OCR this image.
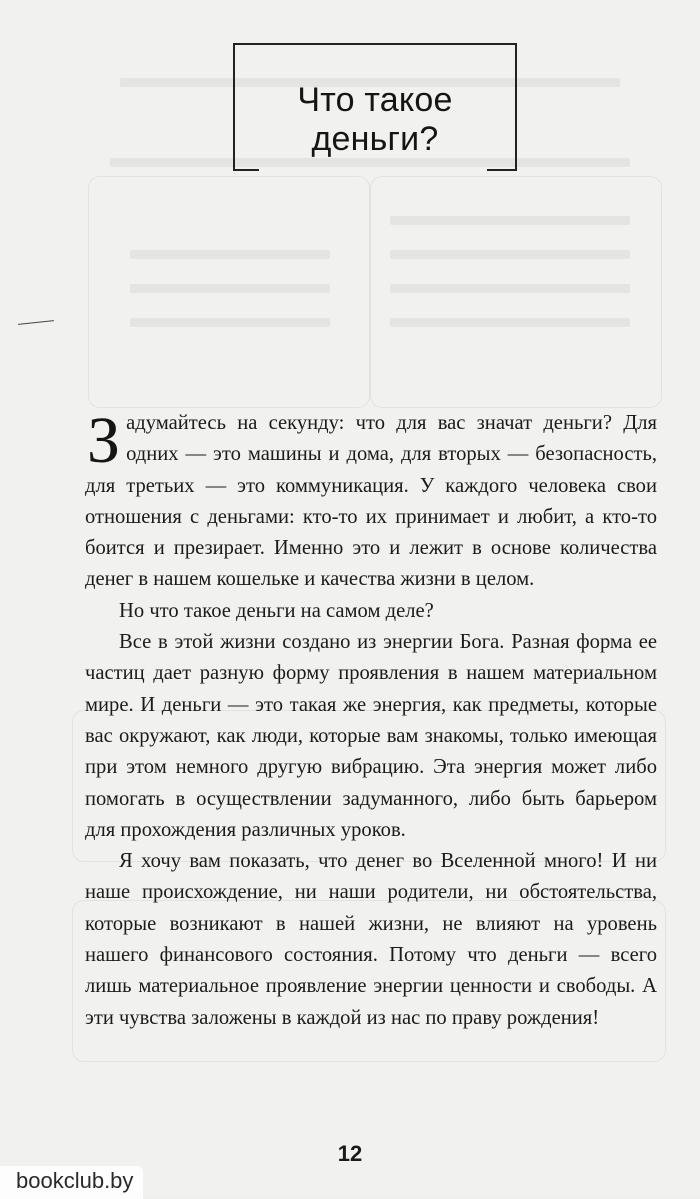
Что такое деньги?

Задумайтесь на секунду: что для вас значат деньги? Для одних — это машины и дома, для вторых — безопасность, для третьих — это коммуникация. У каждого человека свои отношения с деньгами: кто-то их принимает и любит, а кто-то боится и презирает. Именно это и лежит в основе количества денег в нашем кошельке и качества жизни в целом.

Но что такое деньги на самом деле?

Все в этой жизни создано из энергии Бога. Разная форма ее частиц дает разную форму проявления в нашем материальном мире. И деньги — это такая же энергия, как предметы, которые вас окружают, как люди, которые вам знакомы, только имеющая при этом немного другую вибрацию. Эта энергия может либо помогать в осуществлении задуманного, либо быть барьером для прохождения различных уроков.

Я хочу вам показать, что денег во Вселенной много! И ни наше происхождение, ни наши родители, ни обстоятельства, которые возникают в нашей жизни, не влияют на уровень нашего финансового состояния. Потому что деньги — всего лишь материальное проявление энергии ценности и свободы. А эти чувства заложены в каждой из нас по праву рождения!

12
bookclub.by
